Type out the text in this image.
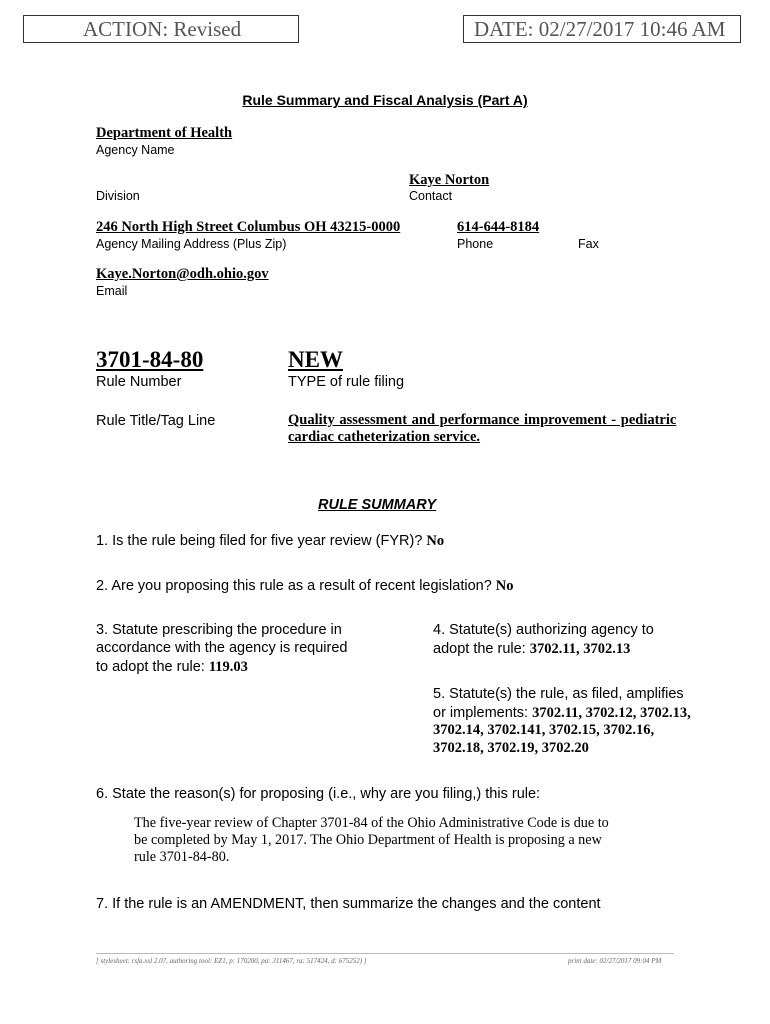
ACTION: Revised	DATE: 02/27/2017 10:46 AM
Rule Summary and Fiscal Analysis (Part A)
Department of Health
Agency Name
Kaye Norton
Division	Contact
246 North High Street Columbus OH 43215-0000	614-644-8184
Agency Mailing Address (Plus Zip)	Phone	Fax
Kaye.Norton@odh.ohio.gov
Email
3701-84-80	NEW
Rule Number	TYPE of rule filing
Rule Title/Tag Line	Quality assessment and performance improvement - pediatric
cardiac catheterization service.
RULE SUMMARY
1. Is the rule being filed for five year review (FYR)? No
2. Are you proposing this rule as a result of recent legislation? No
3. Statute prescribing the procedure in
accordance with the agency is required
to adopt the rule: 119.03
4. Statute(s) authorizing agency to
adopt the rule: 3702.11, 3702.13
5. Statute(s) the rule, as filed, amplifies
or implements: 3702.11, 3702.12, 3702.13,
3702.14, 3702.141, 3702.15, 3702.16,
3702.18, 3702.19, 3702.20
6. State the reason(s) for proposing (i.e., why are you filing,) this rule:
The five-year review of Chapter 3701-84 of the Ohio Administrative Code is due to
be completed by May 1, 2017. The Ohio Department of Health is proposing a new
rule 3701-84-80.
7. If the rule is an AMENDMENT, then summarize the changes and the content
[ stylesheet: rsfa.xsl 2.07, authoring tool: EZ1, p: 170200, pa: 311467, ra: 517424, d: 675252) ]	print date: 02/27/2017 09:04 PM
